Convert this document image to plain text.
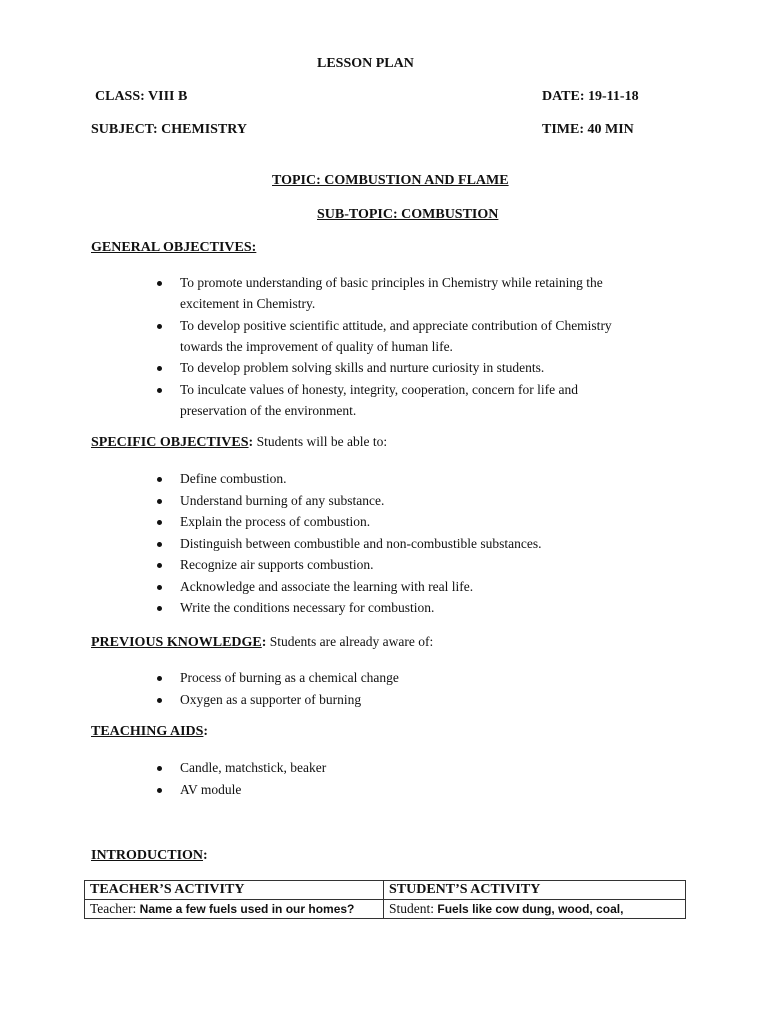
LESSON PLAN
CLASS: VIII B	DATE: 19-11-18
SUBJECT: CHEMISTRY	TIME: 40 MIN
TOPIC: COMBUSTION AND FLAME
SUB-TOPIC: COMBUSTION
GENERAL OBJECTIVES:
To promote understanding of basic principles in Chemistry while retaining the
excitement in Chemistry.
To develop positive scientific attitude, and appreciate contribution of Chemistry
towards the improvement of quality of human life.
To develop problem solving skills and nurture curiosity in students.
To inculcate values of honesty, integrity, cooperation, concern for life and
preservation of the environment.
SPECIFIC OBJECTIVES: Students will be able to:
Define combustion.
Understand burning of any substance.
Explain the process of combustion.
Distinguish between combustible and non-combustible substances.
Recognize air supports combustion.
Acknowledge and associate the learning with real life.
Write the conditions necessary for combustion.
PREVIOUS KNOWLEDGE: Students are already aware of:
Process of burning as a chemical change
Oxygen as a supporter of burning
TEACHING AIDS:
Candle, matchstick, beaker
AV module
INTRODUCTION:
TEACHER’S ACTIVITY	STUDENT’S ACTIVITY
Teacher: Name a few fuels used in our homes?	Student: Fuels like cow dung, wood, coal,
